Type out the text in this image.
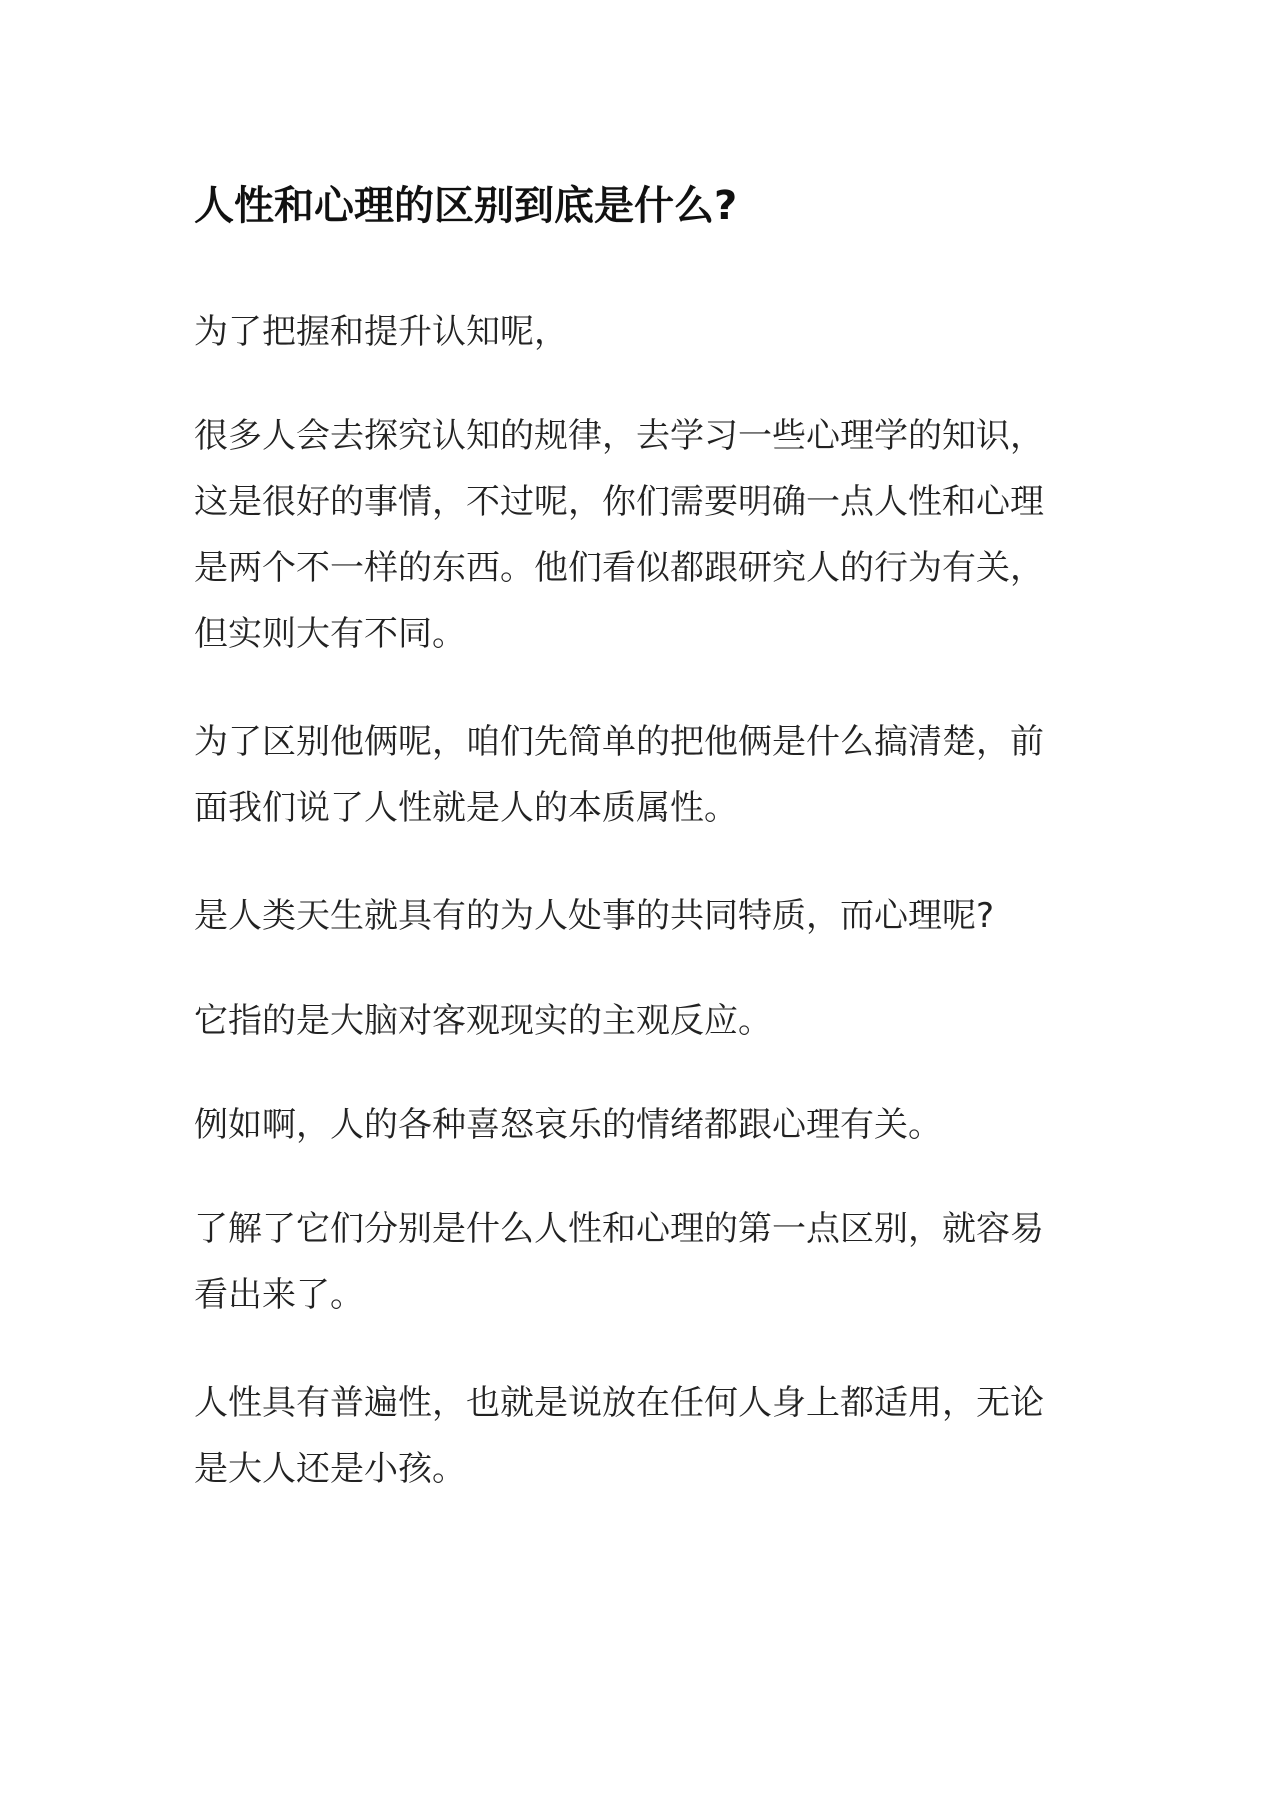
人性和心理的区别到底是什么?

为了把握和提升认知呢，

很多人会去探究认知的规律，去学习一些心理学的知识，
这是很好的事情，不过呢，你们需要明确一点人性和心理
是两个不一样的东西。他们看似都跟研究人的行为有关，
但实则大有不同。

为了区别他俩呢，咱们先简单的把他俩是什么搞清楚，前
面我们说了人性就是人的本质属性。

是人类天生就具有的为人处事的共同特质，而心理呢?

它指的是大脑对客观现实的主观反应。

例如啊，人的各种喜怒哀乐的情绪都跟心理有关。

了解了它们分别是什么人性和心理的第一点区别，就容易
看出来了。

人性具有普遍性，也就是说放在任何人身上都适用，无论
是大人还是小孩。
